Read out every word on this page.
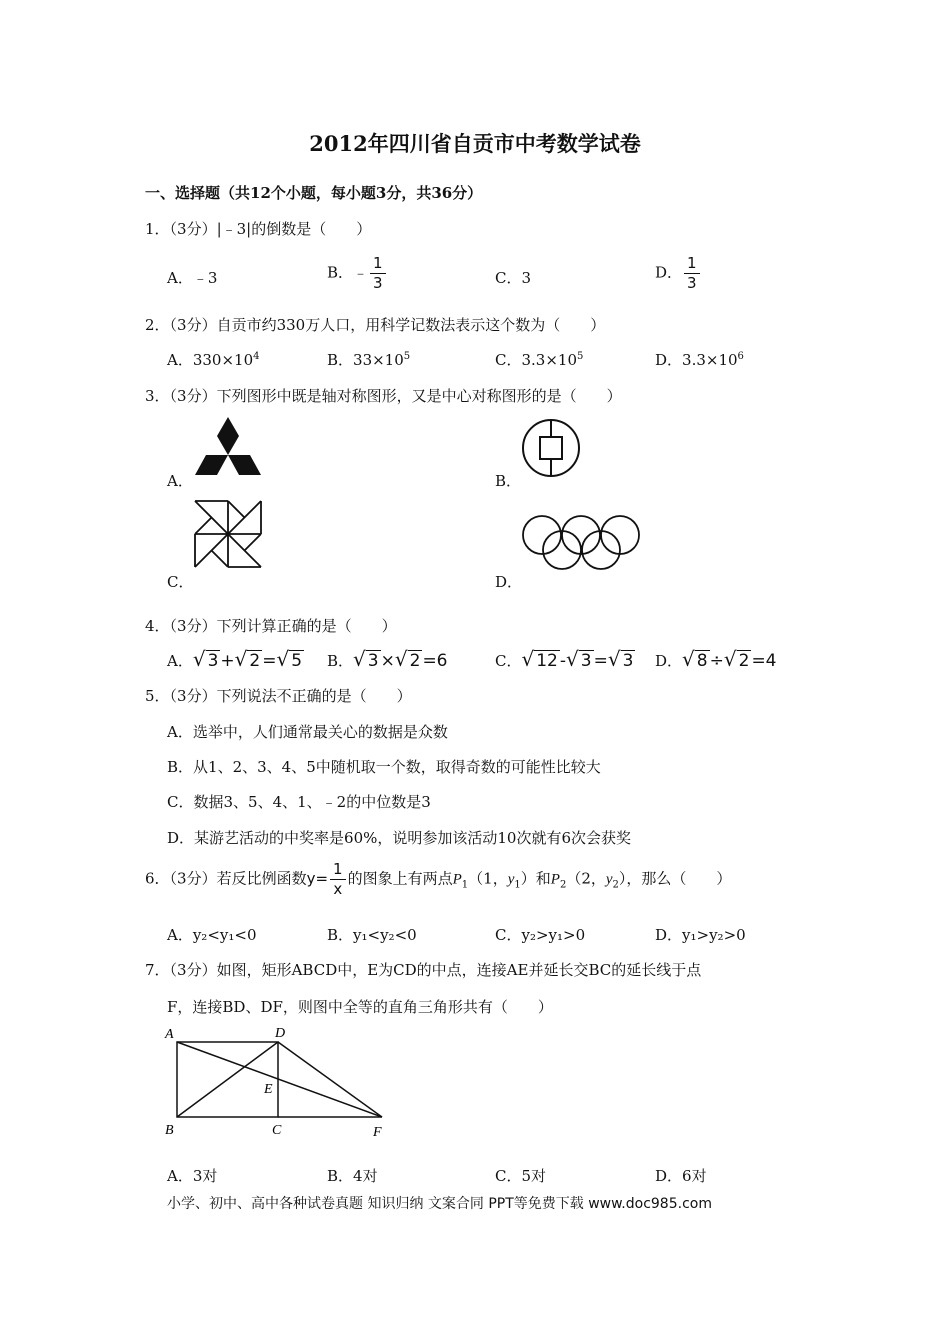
2012年四川省自贡市中考数学试卷
一、选择题（共12个小题，每小题3分，共36分）
1．（3分）|﹣3|的倒数是（　　）
A．﹣3	B．﹣ $\frac{1}{3}$	C．3	D． $\frac{1}{3}$
2．（3分）自贡市约330万人口，用科学记数法表示这个数为（　　）
A．$330\times 10^4$	B．$33\times 10^5$	C．$3.3\times 10^5$	D．$3.3\times 10^6$
3．（3分）下列图形中既是轴对称图形，又是中心对称图形的是（　　）
A．	B．
C．	D．
4．（3分）下列计算正确的是（　　）
A．√ 3 +√ 2 =√ 5 B．√ 3 ×√ 2 =6	C．√ 12 -√ 3 =√ 3 D．√ 8 ÷√ 2 =4
5．（3分）下列说法不正确的是（　　）
A．选举中，人们通常最关心的数据是众数
B．从1、2、3、4、5中随机取一个数，取得奇数的可能性比较大
C．数据3、5、4、1、﹣2的中位数是3
D．某游艺活动的中奖率是60%，说明参加该活动10次就有6次会获奖
6．（3分）若反比例函数$y= \frac{1}{x}$ 的图象上有两点$P_1(1$，$y_1$）和$P_2(2$，$y_2$），那么（　　）
A．y₂<y₁<0	B．y₁<y₂<0	C．y₂>y₁>0	D．y₁>y₂>0
7．（3分）如图，矩形ABCD中，E为CD的中点，连接AE并延长交BC的延长线于点
F，连接BD、DF，则图中全等的直角三角形共有（　　）
A	D
E
B	C	F
A．3对	B．4对	C．5对	D．6对
小学、初中、高中各种试卷真题 知识归纳 文案合同 PPT等免费下载 www.doc985.com
